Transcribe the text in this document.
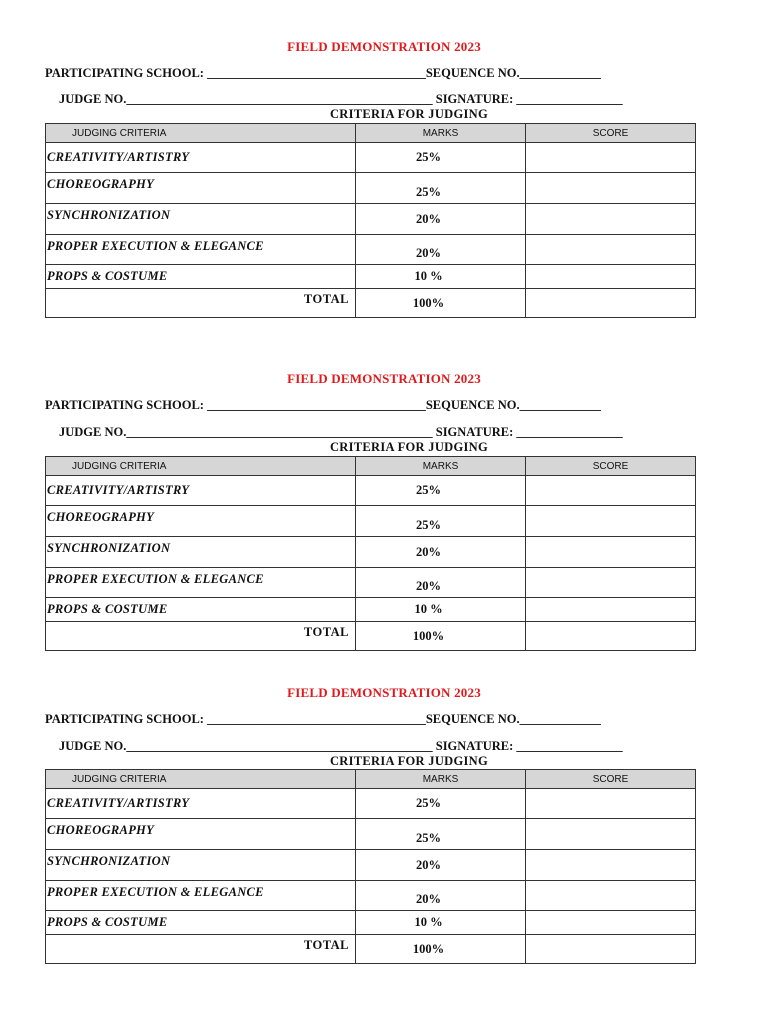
FIELD DEMONSTRATION 2023
PARTICIPATING SCHOOL: ___________________________________SEQUENCE NO._____________
JUDGE NO._________________________________________________ SIGNATURE: _________________
CRITERIA FOR JUDGING
JUDGING CRITERIA	MARKS	SCORE
CREATIVITY/ARTISTRY	25%	
CHOREOGRAPHY	25%	
SYNCHRONIZATION	20%	
PROPER EXECUTION & ELEGANCE	20%	
PROPS & COSTUME	10 %	
TOTAL	100%	
FIELD DEMONSTRATION 2023
PARTICIPATING SCHOOL: ___________________________________SEQUENCE NO._____________
JUDGE NO._________________________________________________ SIGNATURE: _________________
CRITERIA FOR JUDGING
JUDGING CRITERIA	MARKS	SCORE
CREATIVITY/ARTISTRY	25%	
CHOREOGRAPHY	25%	
SYNCHRONIZATION	20%	
PROPER EXECUTION & ELEGANCE	20%	
PROPS & COSTUME	10 %	
TOTAL	100%	
FIELD DEMONSTRATION 2023
PARTICIPATING SCHOOL: ___________________________________SEQUENCE NO._____________
JUDGE NO._________________________________________________ SIGNATURE: _________________
CRITERIA FOR JUDGING
JUDGING CRITERIA	MARKS	SCORE
CREATIVITY/ARTISTRY	25%	
CHOREOGRAPHY	25%	
SYNCHRONIZATION	20%	
PROPER EXECUTION & ELEGANCE	20%	
PROPS & COSTUME	10 %	
TOTAL	100%	
